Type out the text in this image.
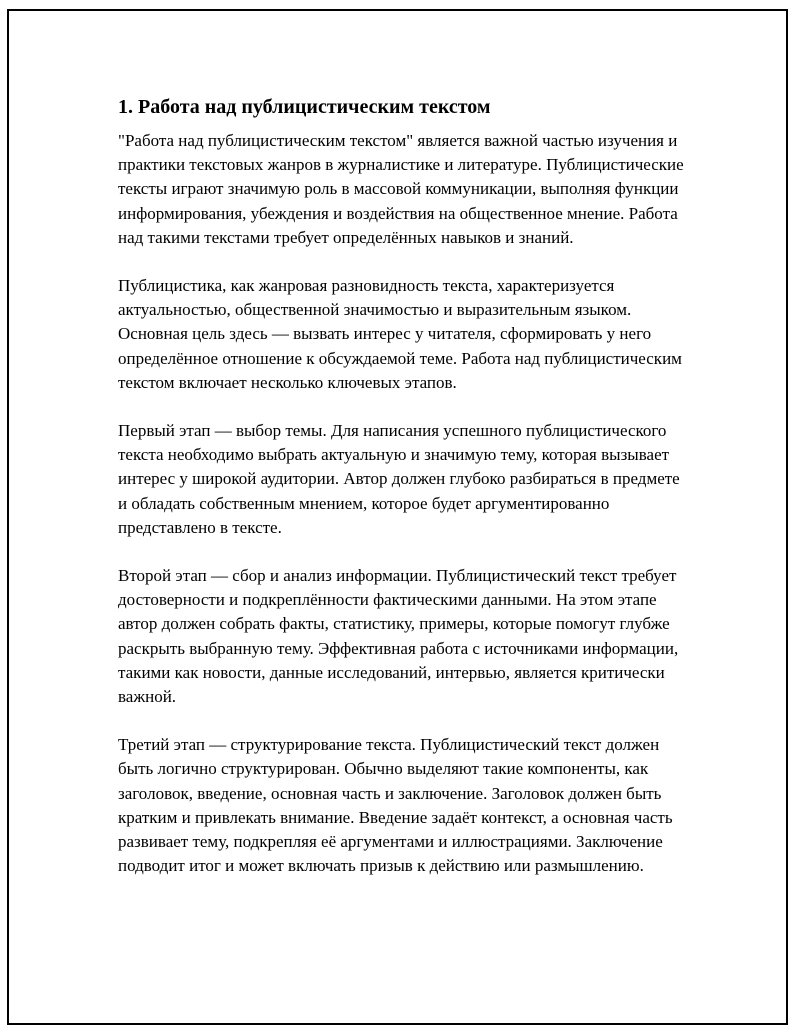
1. Работа над публицистическим текстом

"Работа над публицистическим текстом" является важной частью изучения и практики текстовых жанров в журналистике и литературе. Публицистические тексты играют значимую роль в массовой коммуникации, выполняя функции информирования, убеждения и воздействия на общественное мнение. Работа над такими текстами требует определённых навыков и знаний.

Публицистика, как жанровая разновидность текста, характеризуется актуальностью, общественной значимостью и выразительным языком. Основная цель здесь — вызвать интерес у читателя, сформировать у него определённое отношение к обсуждаемой теме. Работа над публицистическим текстом включает несколько ключевых этапов.

Первый этап — выбор темы. Для написания успешного публицистического текста необходимо выбрать актуальную и значимую тему, которая вызывает интерес у широкой аудитории. Автор должен глубоко разбираться в предмете и обладать собственным мнением, которое будет аргументированно представлено в тексте.

Второй этап — сбор и анализ информации. Публицистический текст требует достоверности и подкреплённости фактическими данными. На этом этапе автор должен собрать факты, статистику, примеры, которые помогут глубже раскрыть выбранную тему. Эффективная работа с источниками информации, такими как новости, данные исследований, интервью, является критически важной.

Третий этап — структурирование текста. Публицистический текст должен быть логично структурирован. Обычно выделяют такие компоненты, как заголовок, введение, основная часть и заключение. Заголовок должен быть кратким и привлекать внимание. Введение задаёт контекст, а основная часть развивает тему, подкрепляя её аргументами и иллюстрациями. Заключение подводит итог и может включать призыв к действию или размышлению.
